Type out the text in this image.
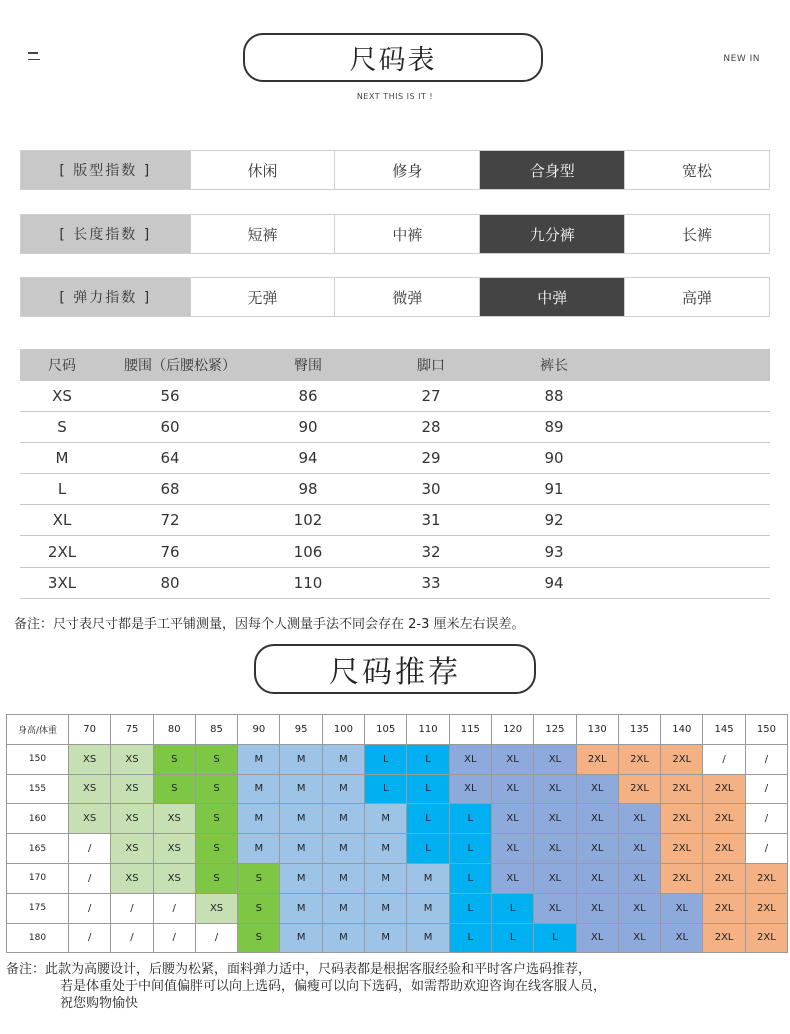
尺码表
NEXT THIS IS IT !
NEW IN
[ 版型指数 ]	休闲	修身	合身型	宽松
[ 长度指数 ]	短裤	中裤	九分裤	长裤
[ 弹力指数 ]	无弹	微弹	中弹	高弹
尺码	腰围（后腰松紧）	臀围	脚口	裤长
XS	56	86	27	88
S	60	90	28	89
M	64	94	29	90
L	68	98	30	91
XL	72	102	31	92
2XL	76	106	32	93
3XL	80	110	33	94
备注：尺寸表尺寸都是手工平铺测量，因每个人测量手法不同会存在 2-3 厘米左右误差。
尺码推荐
身高/体重	70	75	80	85	90	95	100	105	110	115	120	125	130	135	140	145	150
150	XS	XS	S	S	M	M	M	L	L	XL	XL	XL	2XL	2XL	2XL	/	/
155	XS	XS	S	S	M	M	M	L	L	XL	XL	XL	XL	2XL	2XL	2XL	/
160	XS	XS	XS	S	M	M	M	M	L	L	XL	XL	XL	XL	2XL	2XL	/
165	/	XS	XS	S	M	M	M	M	L	L	XL	XL	XL	XL	2XL	2XL	/
170	/	XS	XS	S	S	M	M	M	M	L	XL	XL	XL	XL	2XL	2XL	2XL
175	/	/	/	XS	S	M	M	M	M	L	L	XL	XL	XL	XL	2XL	2XL
180	/	/	/	/	S	M	M	M	M	L	L	L	XL	XL	XL	2XL	2XL
备注：此款为高腰设计，后腰为松紧，面料弹力适中，尺码表都是根据客服经验和平时客户选码推荐，
若是体重处于中间值偏胖可以向上选码，偏瘦可以向下选码，如需帮助欢迎咨询在线客服人员，
祝您购物愉快
